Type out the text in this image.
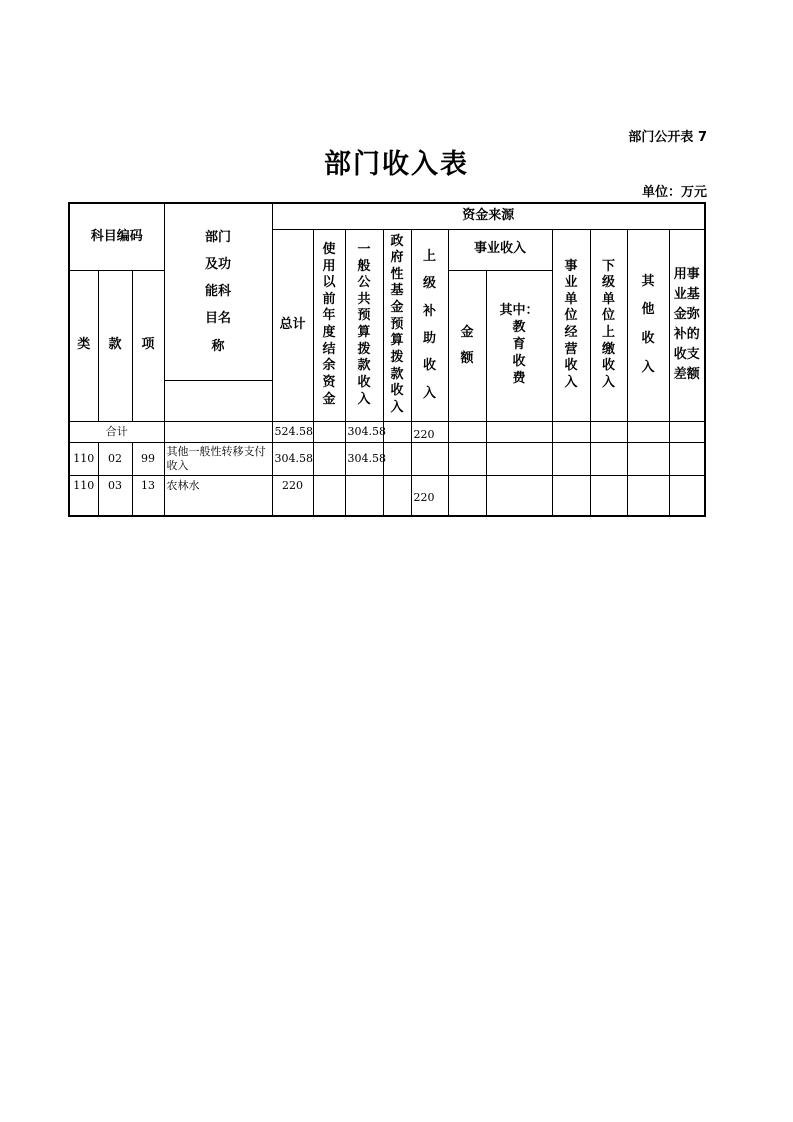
部门公开表 7
部门收入表
单位：万元
科目编码			部门及功能科目名称	资金来源										
				总计	使用以前年度结余资金	一般公共预算拨款收入	政府性基金预算拨款收入	上级补助收入	事业收入		事业单位经营收入	下级单位上缴收入	其他收入	用事业基金弥补的收支差额
类	款	项							金额	其中：
教育收费				

合计				524.58		304.58		220						
110	02	99	其他一般性转移支付收入	304.58		304.58								
110	03	13	农林水	220				220						
